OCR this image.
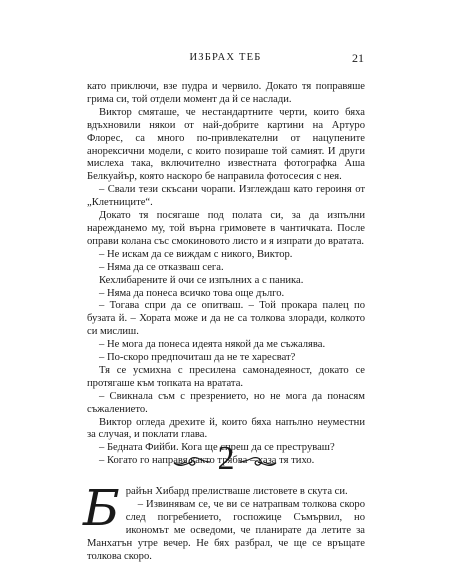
ИЗБРАХ ТЕБ	21

като приключи, взе пудра и червило. Докато тя поправяше грима си, той отдели момент да й се наслади.

Виктор смяташе, че нестандартните черти, които бяха вдъхновили някои от най-добрите картини на Артуро Флорес, са много по-привлекателни от нацупените анорексични модели, с които позираше той самият. И други мислеха така, включително известната фотографка Аша Белкуайър, която наскоро бе направила фотосесия с нея.

– Свали тези скъсани чорапи. Изглеждаш като героиня от „Клетниците“.

Докато тя посягаше под полата си, за да изпълни нарежданемо му, той върна гримовете в чантичката. После оправи колана със смокиновото листо и я изпрати до вратата.

– Не искам да се виждам с никого, Виктор.

– Няма да се отказваш сега.

Кехлибарените й очи се изпълних а с паника.

– Няма да понеса всичко това още дълго.

– Тогава спри да се опитваш. – Той прокара палец по бузата й. – Хората може и да не са толкова злоради, колкото си мислиш.

– Не мога да понеса идеята някой да ме съжалява.

– По-скоро предпочиташ да не те харесват?

Тя се усмихна с пресилена самонадеяност, докато се протягаше към топката на вратата.

– Свикнала съм с презрението, но не мога да понасям съжалението.

Виктор огледа дрехите й, които бяха напълно неуместни за случая, и поклати глава.

– Бедната Фийби. Кога ще спреш да се преструваш?

– Когато го направя както трябва – каза тя тихо.

2

Брайън Хибард прелистваше листовете в скута си.

– Извинявам се, че ви се натрапвам толкова скоро след погребението, госпожице Съмървил, но икономът ме осведоми, че планирате да летите за Манхатън утре вечер. Не бях разбрал, че ще се връщате толкова скоро.
